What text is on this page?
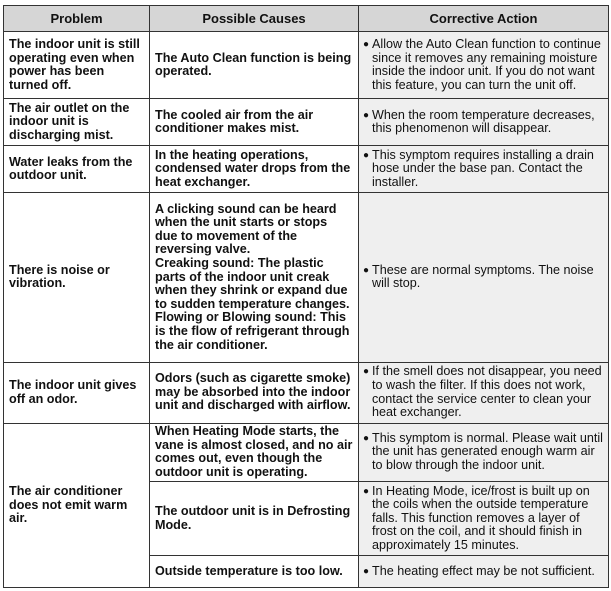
Problem	Possible Causes	Corrective Action
The indoor unit is still operating even when power has been turned off.	The Auto Clean function is being operated.	● Allow the Auto Clean function to continue since it removes any remaining moisture inside the indoor unit. If you do not want this feature, you can turn the unit off.

The air outlet on the indoor unit is discharging mist.	The cooled air from the air conditioner makes mist.	● When the room temperature decreases, this phenomenon will disappear.

Water leaks from the outdoor unit.	In the heating operations, condensed water drops from the heat exchanger.	● This symptom requires installing a drain hose under the base pan. Contact the installer.

There is noise or vibration.	A clicking sound can be heard when the unit starts or stops due to movement of the reversing valve.
Creaking sound: The plastic parts of the indoor unit creak when they shrink or expand due to sudden temperature changes.
Flowing or Blowing sound: This is the flow of refrigerant through the air conditioner.	● These are normal symptoms. The noise will stop.

The indoor unit gives off an odor.	Odors (such as cigarette smoke) may be absorbed into the indoor unit and discharged with airflow.	● If the smell does not disappear, you need to wash the filter. If this does not work, contact the service center to clean your heat exchanger.

The air conditioner does not emit warm air.	When Heating Mode starts, the vane is almost closed, and no air comes out, even though the outdoor unit is operating.	● This symptom is normal. Please wait until the unit has generated enough warm air to blow through the indoor unit.

	The outdoor unit is in Defrosting Mode.	● In Heating Mode, ice/frost is built up on the coils when the outside temperature falls. This function removes a layer of frost on the coil, and it should finish in approximately 15 minutes.

	Outside temperature is too low.	● The heating effect may be not sufficient.
